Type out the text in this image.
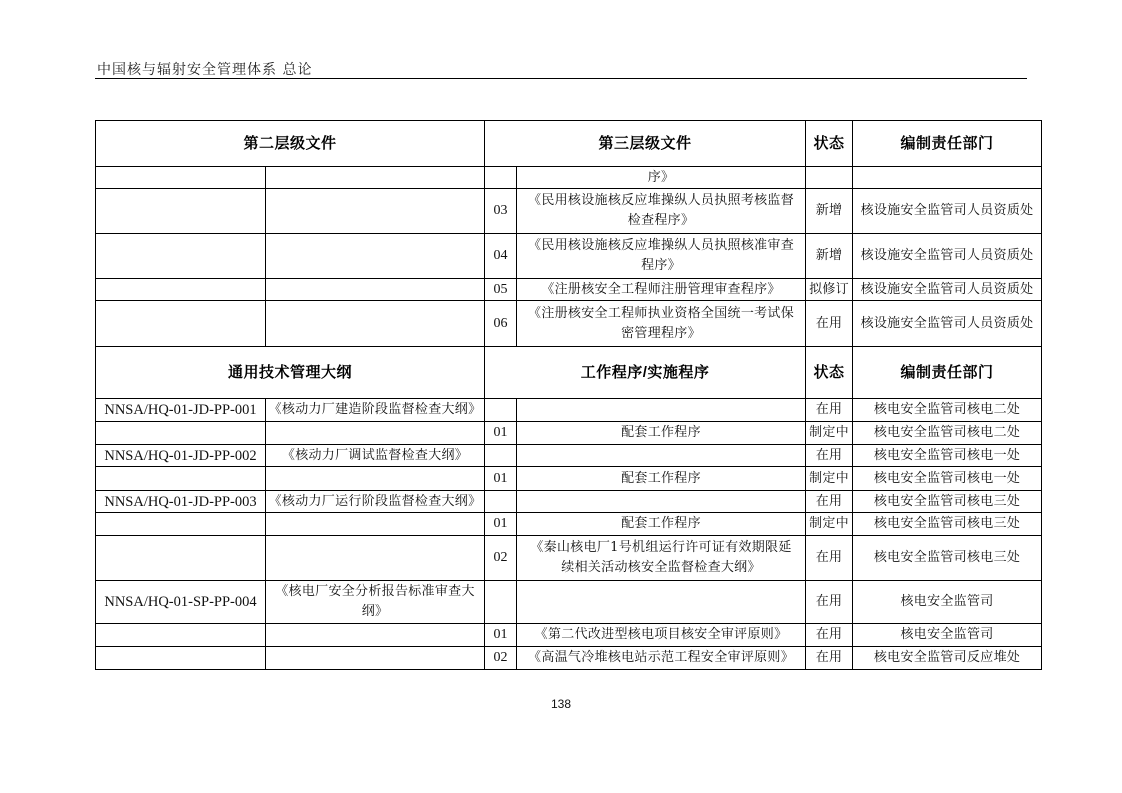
中国核与辐射安全管理体系 总论
第二层级文件		第三层级文件		状态	编制责任部门
			序》		
		03	《民用核设施核反应堆操纵人员执照考核监督检查程序》	新增	核设施安全监管司人员资质处
		04	《民用核设施核反应堆操纵人员执照核准审查程序》	新增	核设施安全监管司人员资质处
		05	《注册核安全工程师注册管理审查程序》	拟修订	核设施安全监管司人员资质处
		06	《注册核安全工程师执业资格全国统一考试保密管理程序》	在用	核设施安全监管司人员资质处
通用技术管理大纲		工作程序/实施程序		状态	编制责任部门
NNSA/HQ-01-JD-PP-001	《核动力厂建造阶段监督检查大纲》			在用	核电安全监管司核电二处
		01	配套工作程序	制定中	核电安全监管司核电二处
NNSA/HQ-01-JD-PP-002	《核动力厂调试监督检查大纲》			在用	核电安全监管司核电一处
		01	配套工作程序	制定中	核电安全监管司核电一处
NNSA/HQ-01-JD-PP-003	《核动力厂运行阶段监督检查大纲》			在用	核电安全监管司核电三处
		01	配套工作程序	制定中	核电安全监管司核电三处
		02	《秦山核电厂1号机组运行许可证有效期限延续相关活动核安全监督检查大纲》	在用	核电安全监管司核电三处
NNSA/HQ-01-SP-PP-004	《核电厂安全分析报告标准审查大纲》			在用	核电安全监管司
		01	《第二代改进型核电项目核安全审评原则》	在用	核电安全监管司
		02	《高温气冷堆核电站示范工程安全审评原则》	在用	核电安全监管司反应堆处
138
